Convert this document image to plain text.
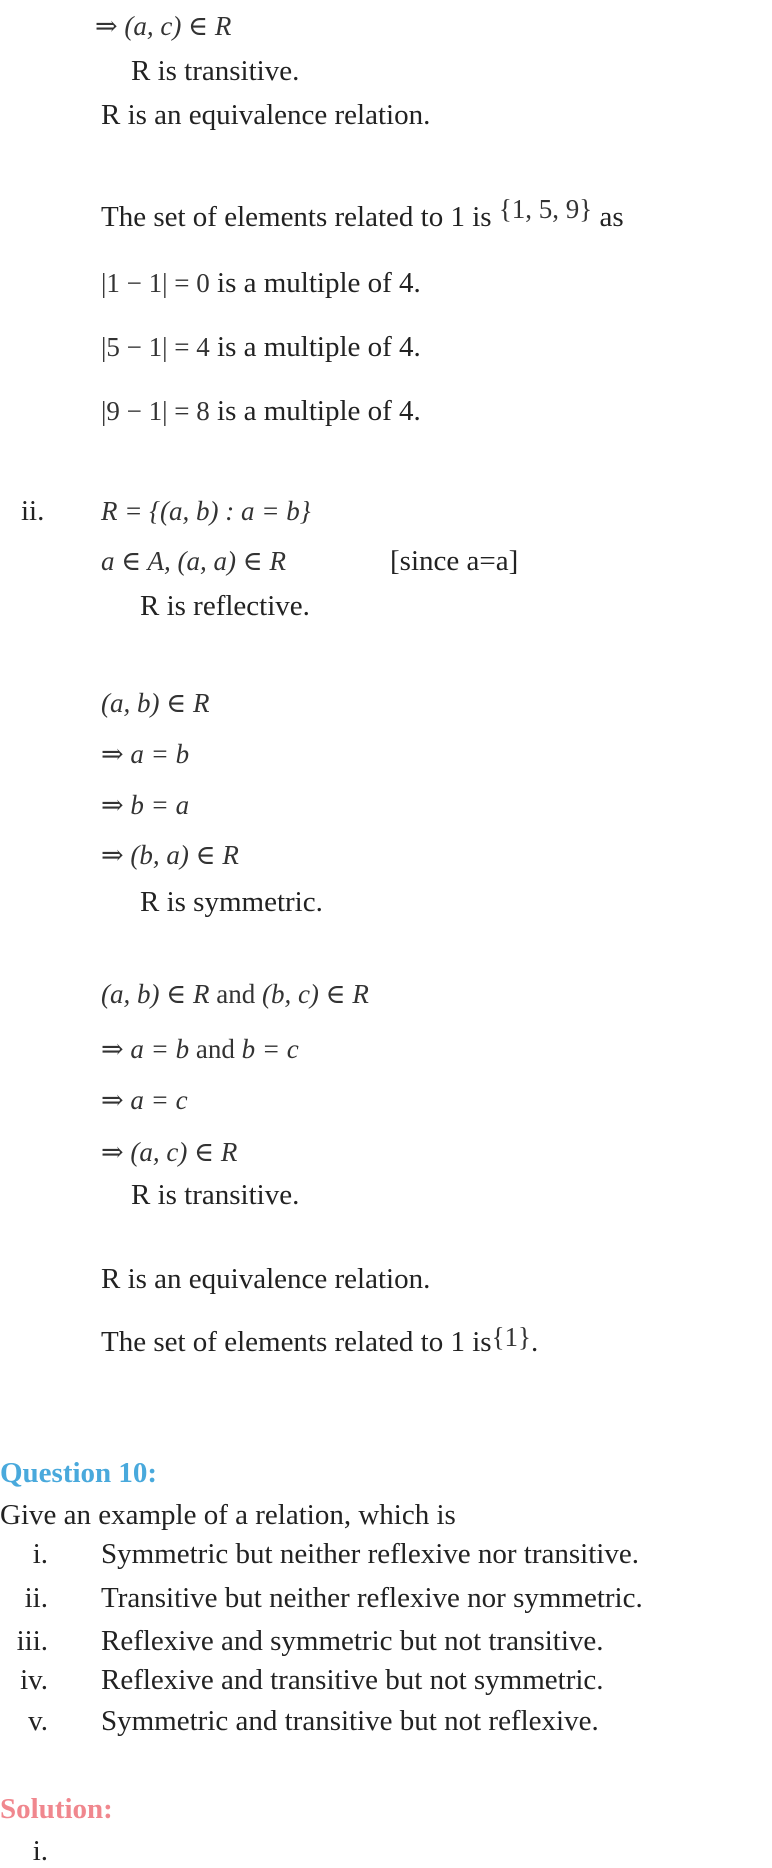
⇒ (a, c) ∈ R
R is transitive.
R is an equivalence relation.
The set of elements related to 1 is {1, 5, 9} as
|1 − 1| = 0 is a multiple of 4.
|5 − 1| = 4 is a multiple of 4.
|9 − 1| = 8 is a multiple of 4.
ii. R = {(a, b) : a = b}
a ∈ A, (a, a) ∈ R	[since a=a]
R is reflective.
(a, b) ∈ R
⇒ a = b
⇒ b = a
⇒ (b, a) ∈ R
R is symmetric.
(a, b) ∈ R and (b, c) ∈ R
⇒ a = b and b = c
⇒ a = c
⇒ (a, c) ∈ R
R is transitive.
R is an equivalence relation.
The set of elements related to 1 is{1}.
Question 10:
Give an example of a relation, which is
i. Symmetric but neither reflexive nor transitive.
ii. Transitive but neither reflexive nor symmetric.
iii. Reflexive and symmetric but not transitive.
iv. Reflexive and transitive but not symmetric.
v. Symmetric and transitive but not reflexive.
Solution:
i.
